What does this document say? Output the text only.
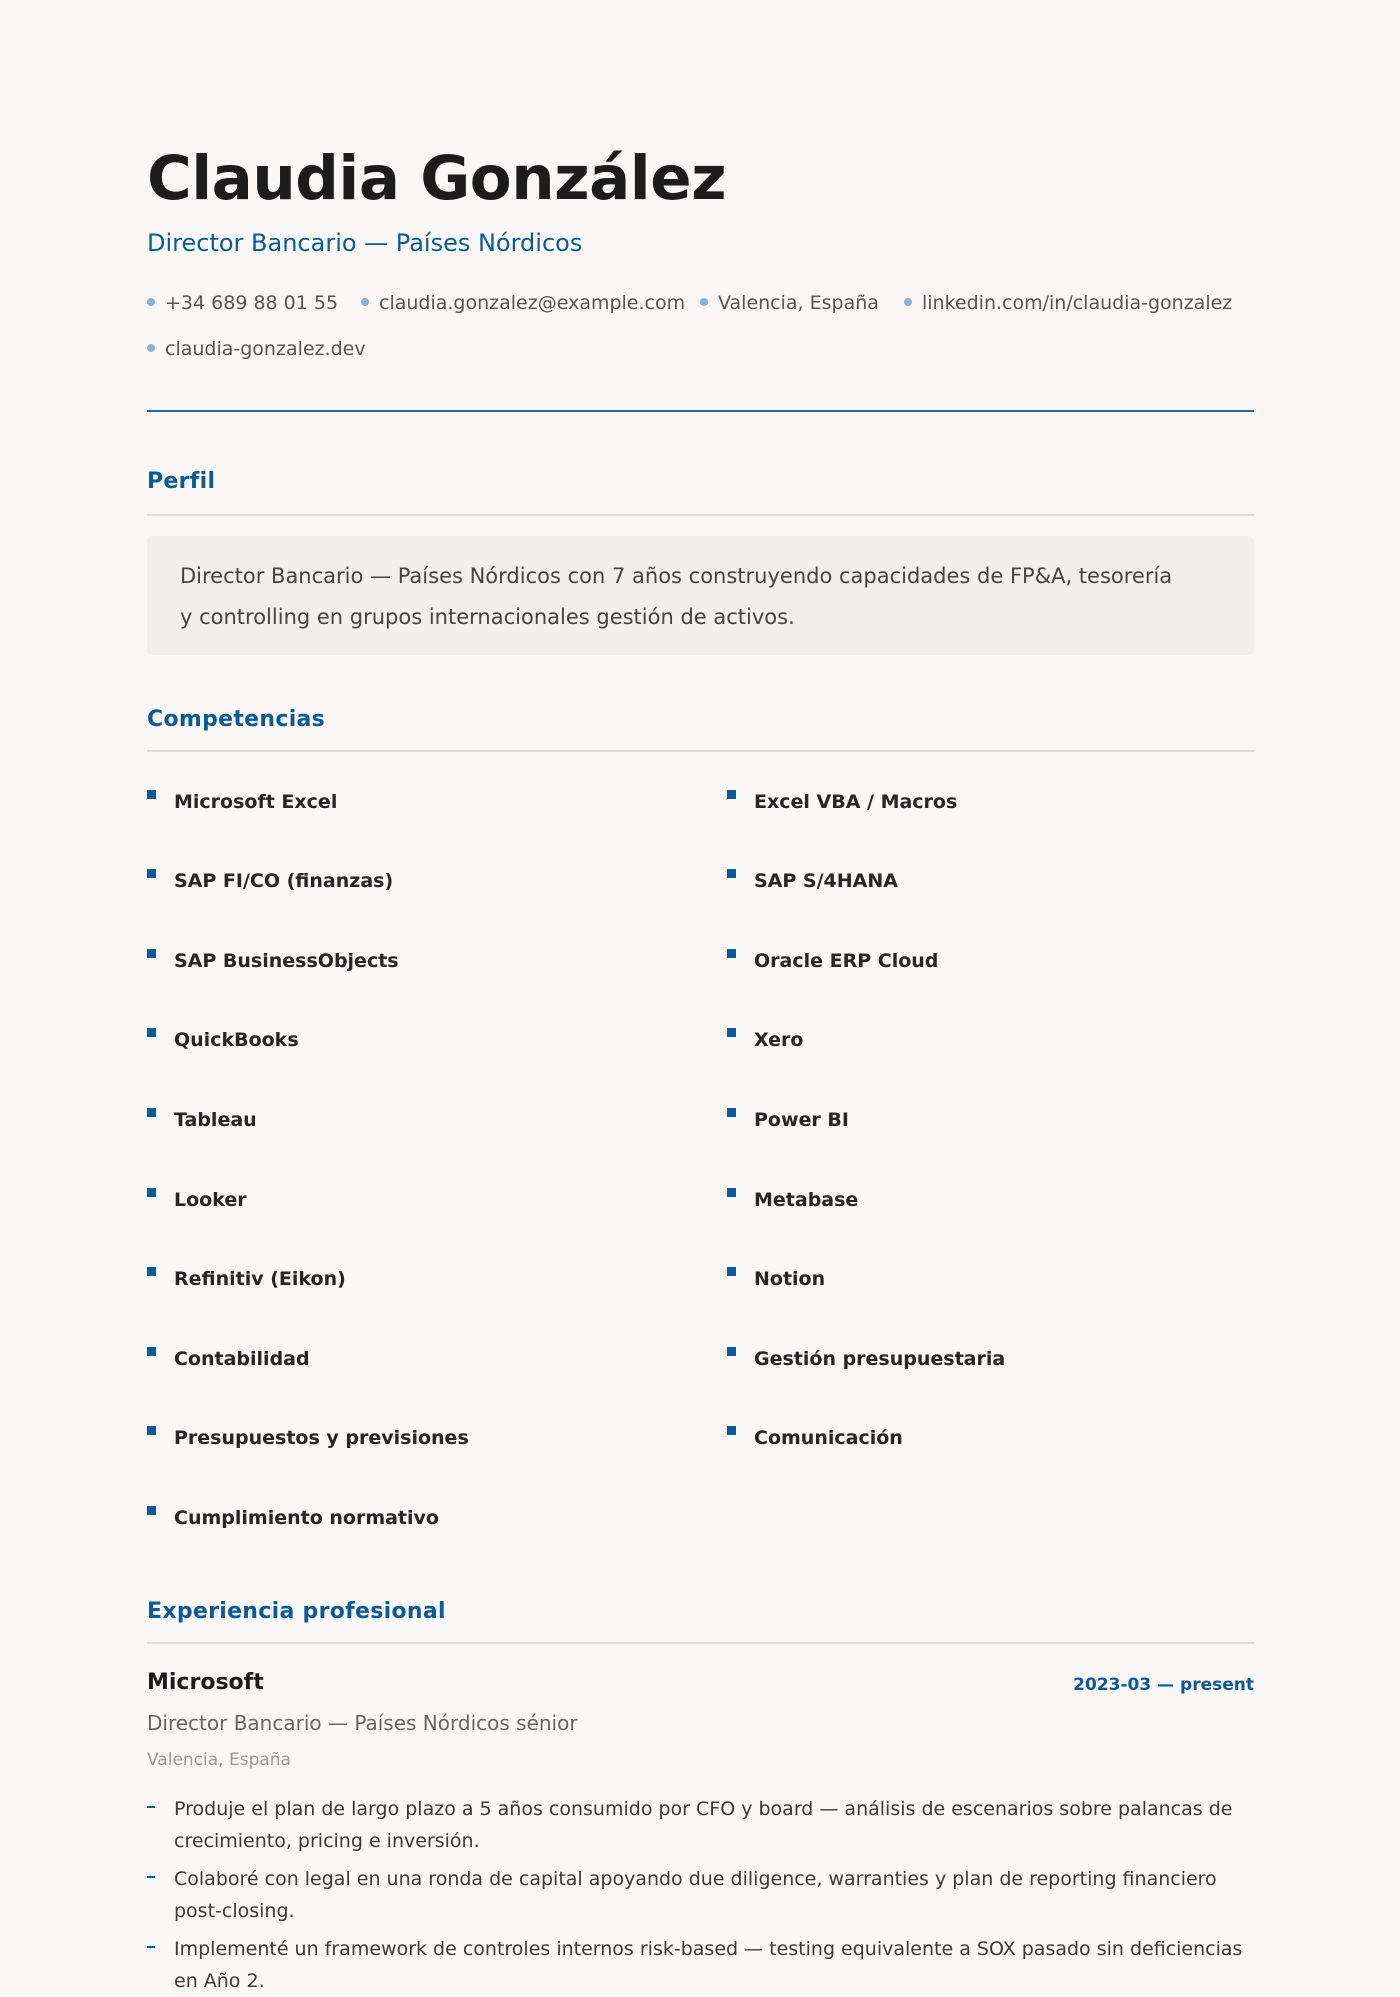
Claudia González
Director Bancario — Países Nórdicos
+34 689 88 01 55	claudia.gonzalez@example.com	Valencia, España	linkedin.com/in/claudia-gonzalez
claudia-gonzalez.dev
Perfil
Director Bancario — Países Nórdicos con 7 años construyendo capacidades de FP&A, tesorería y controlling en grupos internacionales gestión de activos.
Competencias
Microsoft Excel	Excel VBA / Macros
SAP FI/CO (finanzas)	SAP S/4HANA
SAP BusinessObjects	Oracle ERP Cloud
QuickBooks	Xero
Tableau	Power BI
Looker	Metabase
Refinitiv (Eikon)	Notion
Contabilidad	Gestión presupuestaria
Presupuestos y previsiones	Comunicación
Cumplimiento normativo
Experiencia profesional
Microsoft	2023-03 — present
Director Bancario — Países Nórdicos sénior
Valencia, España
Produje el plan de largo plazo a 5 años consumido por CFO y board — análisis de escenarios sobre palancas de crecimiento, pricing e inversión.
Colaboré con legal en una ronda de capital apoyando due diligence, warranties y plan de reporting financiero post-closing.
Implementé un framework de controles internos risk-based — testing equivalente a SOX pasado sin deficiencias en Año 2.
